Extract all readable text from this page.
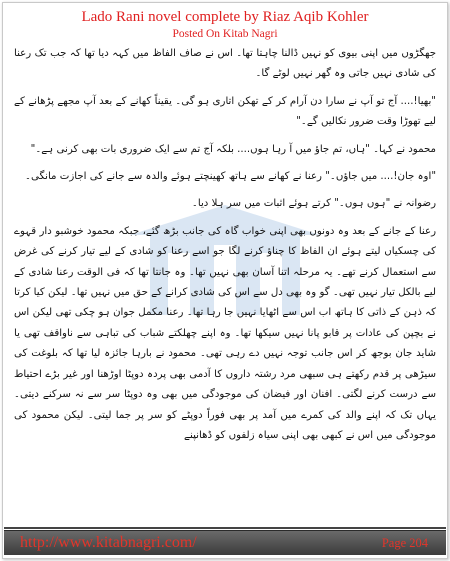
Lado Rani novel complete by Riaz Aqib Kohler

Posted On Kitab Nagri

جھگڑوں میں اپنی بیوی کو نہیں ڈالنا چاہتا تھا۔ اس نے صاف الفاظ میں کہہ دیا تھا کہ جب تک رعنا کی شادی نہیں جاتی وہ گھر نہیں لوٹے گا۔

"بھیا!.... آج تو آپ نے سارا دن آرام کر کے تھکن اتاری ہو گی۔ یقیناً کھانے کے بعد آپ مجھے پڑھانے کے لیے تھوڑا وقت ضرور نکالیں گے۔"

محمود نے کہا۔ "ہاں، تم جاؤ میں آ رہا ہوں.... بلکہ آج تم سے ایک ضروری بات بھی کرنی ہے۔"

"اوہ جان!.... میں جاؤں۔" رعنا نے کھانے سے ہاتھ کھینچتے ہوئے والدہ سے جانے کی اجازت مانگی۔

رضوانہ نے "ہوں ہوں۔" کرتے ہوئے اثبات میں سر ہلا دیا۔

رعنا کے جانے کے بعد وہ دونوں بھی اپنی خواب گاہ کی جانب بڑھ گئے، جبکہ محمود خوشبو دار قہوے کی چسکیاں لیتے ہوئے ان الفاظ کا چناؤ کرنے لگا جو اسے رعنا کو شادی کے لیے تیار کرنے کی غرض سے استعمال کرنے تھے۔ یہ مرحلہ اتنا آسان بھی نہیں تھا۔ وہ جانتا تھا کہ فی الوقت رعنا شادی کے لیے بالکل تیار نہیں تھی۔ گو وہ بھی دل سے اس کی شادی کرانے کے حق میں نہیں تھا۔ لیکن کیا کرتا کہ ذہن کے ذاتی کا ہاتھ اب اس سے اٹھایا نہیں جا رہا تھا۔ رعنا مکمل جوان ہو چکی تھی لیکن اس نے بچپن کی عادات پر قابو پانا نہیں سیکھا تھا۔ وہ اپنے چھلکتے شباب کی تباہی سے ناواقف تھی یا شاید جان بوجھ کر اس جانب توجہ نہیں دے رہی تھی۔ محمود نے بارہا جائزہ لیا تھا کہ بلوغت کی سیڑھی پر قدم رکھتے ہی سبھی مرد رشتہ داروں کا آدمی بھی پردہ دوپٹا اوڑھنا اور غیر بڑے احتیاط سے درست کرنے لگتی۔ افنان اور فیضان کی موجودگی میں بھی وہ دوپٹا سر سے نہ سرکنے دیتی۔ یہاں تک کہ اپنے والد کی کمرے میں آمد پر بھی فوراً دوپٹے کو سر پر جما لیتی۔ لیکن محمود کی موجودگی میں اس نے کبھی بھی اپنی سیاہ زلفوں کو ڈھانپنے

http://www.kitabnagri.com/	Page 204
